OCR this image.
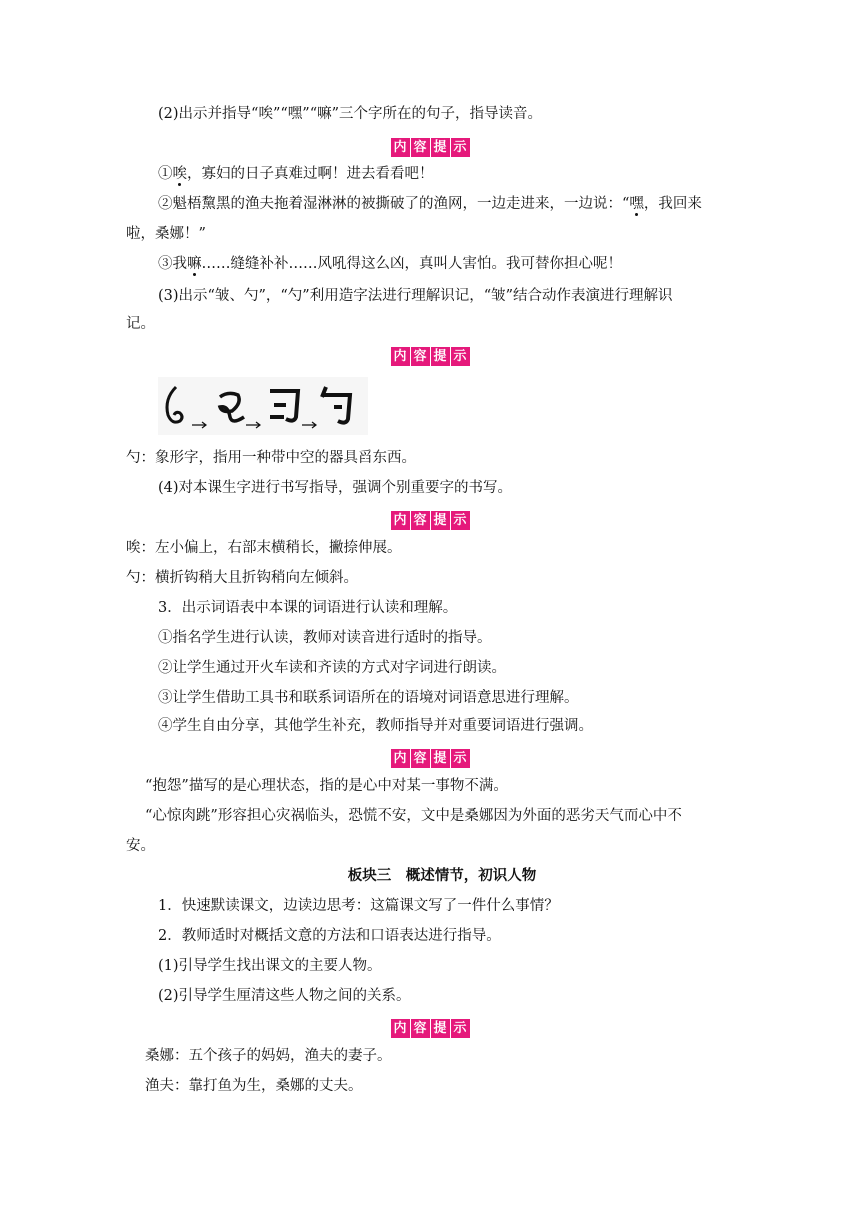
(2)出示并指导“唉”“嘿”“嘛”三个字所在的句子，指导读音。
内 容 提 示
①唉，寡妇的日子真难过啊！进去看看吧！
②魁梧黧黑的渔夫拖着湿淋淋的被撕破了的渔网，一边走进来，一边说：“嘿，我回来
啦，桑娜！”
③我嘛……缝缝补补……风吼得这么凶，真叫人害怕。我可替你担心呢！
(3)出示“皱、勺”，“勺”利用造字法进行理解识记，“皱”结合动作表演进行理解识
记。
内 容 提 示
勺：象形字，指用一种带中空的器具舀东西。
(4)对本课生字进行书写指导，强调个别重要字的书写。
内 容 提 示
唉：左小偏上，右部末横稍长，撇捺伸展。
勺：横折钩稍大且折钩稍向左倾斜。
3．出示词语表中本课的词语进行认读和理解。
①指名学生进行认读，教师对读音进行适时的指导。
②让学生通过开火车读和齐读的方式对字词进行朗读。
③让学生借助工具书和联系词语所在的语境对词语意思进行理解。
④学生自由分享，其他学生补充，教师指导并对重要词语进行强调。
内 容 提 示
“抱怨”描写的是心理状态，指的是心中对某一事物不满。
“心惊肉跳”形容担心灾祸临头，恐慌不安，文中是桑娜因为外面的恶劣天气而心中不
安。
板块三　概述情节，初识人物
1．快速默读课文，边读边思考：这篇课文写了一件什么事情？
2．教师适时对概括文意的方法和口语表达进行指导。
(1)引导学生找出课文的主要人物。
(2)引导学生厘清这些人物之间的关系。
内 容 提 示
桑娜：五个孩子的妈妈，渔夫的妻子。
渔夫：靠打鱼为生，桑娜的丈夫。
